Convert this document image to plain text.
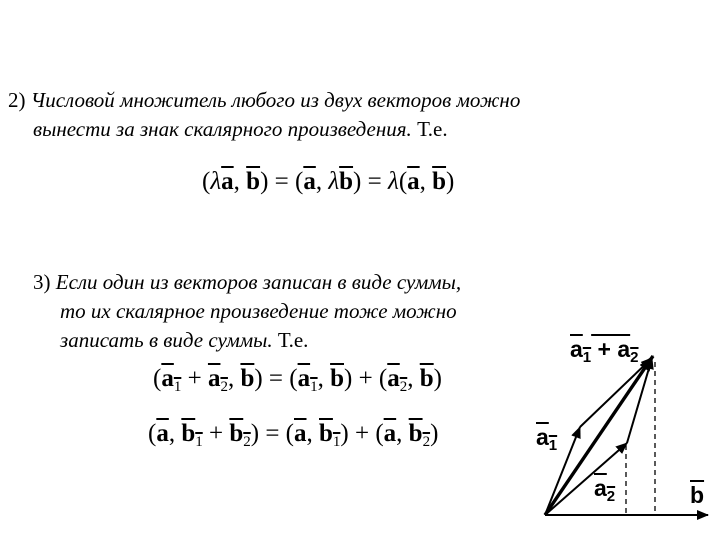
2) Числовой множитель любого из двух векторов можно
вынести за знак скалярного произведения. Т.е.
($\lambda\overline{a}$, $\overline{b}) = (\overline{a}$, $\lambda\overline{b}) = \lambda(\overline{a}$, $\overline{b}$)
3) Если один из векторов записан в виде суммы,
то их скалярное произведение тоже можно
записать в виде суммы. Т.е.
($a_1 + a_2$, $\overline{b}) = (a_1$, $\overline{b}) + (a_2$, $\overline{b}$)
($\overline{a}$, $b_1 + b_2) = (\overline{a}$, $b_1) + (\overline{a}$, $b_2$)
$a_1 + a_2$
$a_1$
$a_2$	b
